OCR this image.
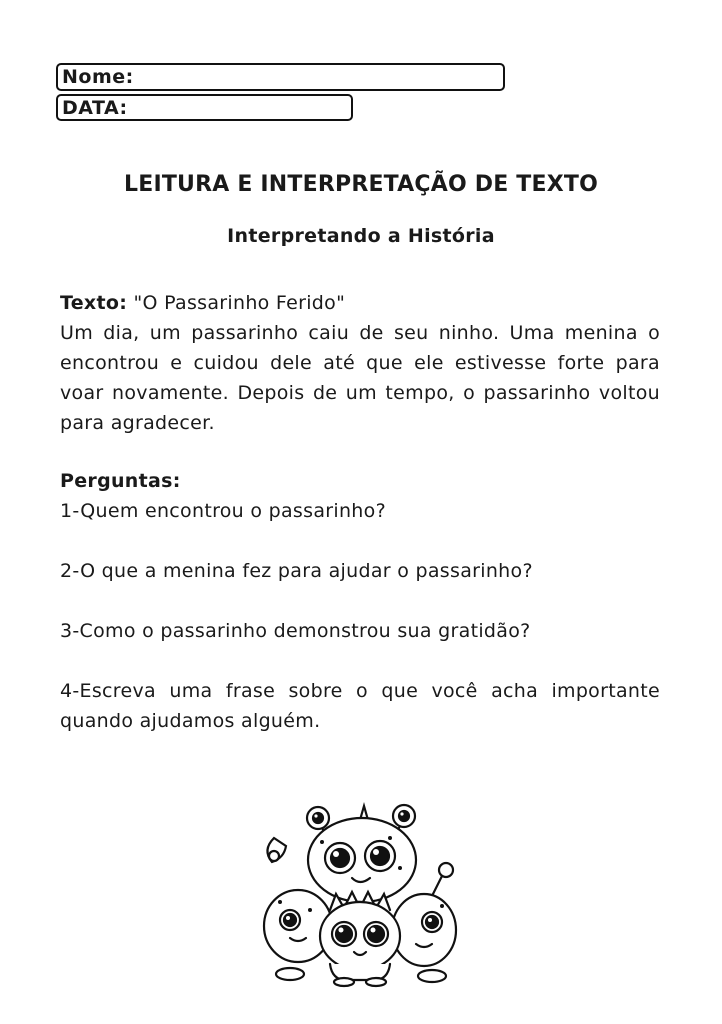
Nome:
DATA:
LEITURA E INTERPRETAÇÃO DE TEXTO
Interpretando a História
Texto: "O Passarinho Ferido"
Um dia, um passarinho caiu de seu ninho. Uma menina o encontrou e cuidou dele até que ele estivesse forte para voar novamente. Depois de um tempo, o passarinho voltou para agradecer.
Perguntas:

1-Quem encontrou o passarinho?

2-O que a menina fez para ajudar o passarinho?

3-Como o passarinho demonstrou sua gratidão?

4-Escreva uma frase sobre o que você acha importante quando ajudamos alguém.
